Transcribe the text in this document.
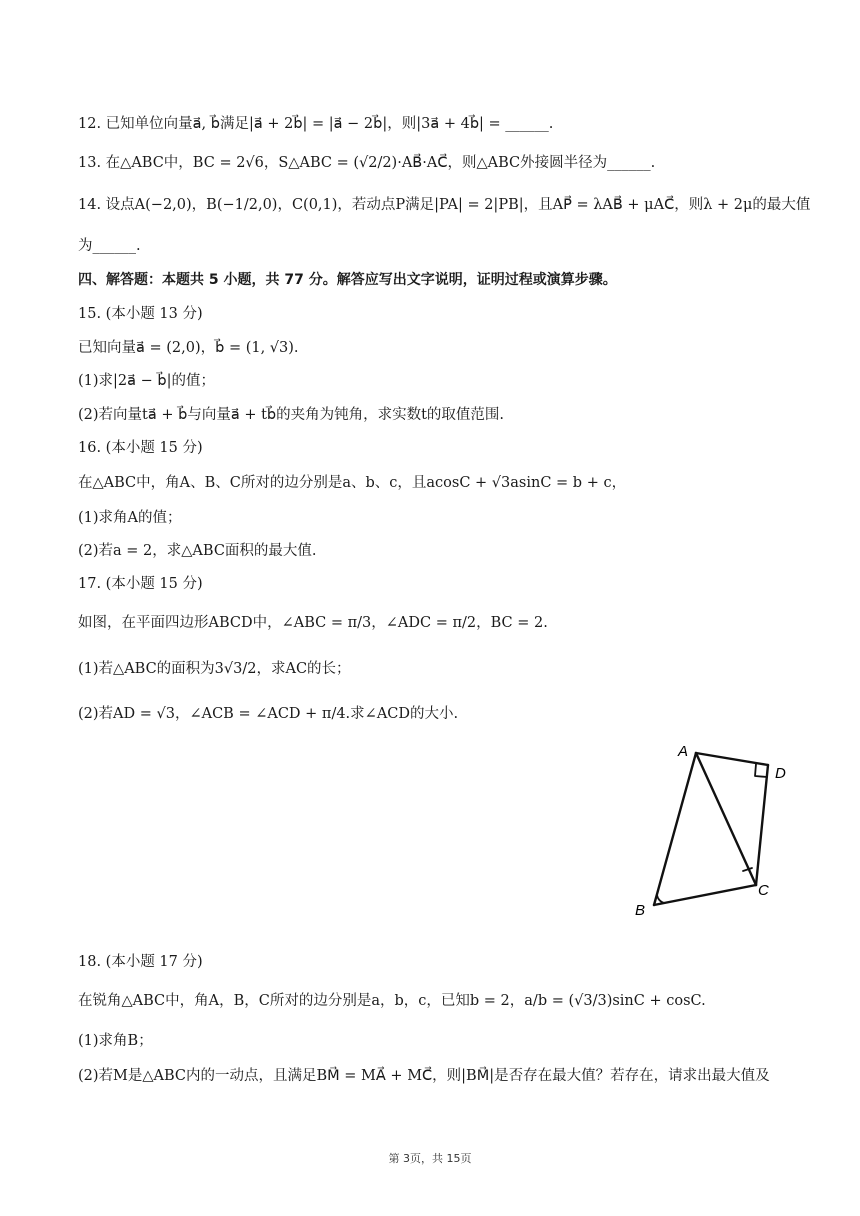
12. 已知单位向量a⃗, b⃗满足|a⃗ + 2b⃗| = |a⃗ − 2b⃗|，则|3a⃗ + 4b⃗| = ______.
13. 在△ABC中，BC = 2√6，S△ABC = (√2/2)·AB⃗·AC⃗，则△ABC外接圆半径为______.
14. 设点A(−2,0)，B(−1/2,0)，C(0,1)，若动点P满足|PA| = 2|PB|，且AP⃗ = λAB⃗ + μAC⃗，则λ + 2μ的最大值
为______.
四、解答题：本题共 5 小题，共 77 分。解答应写出文字说明，证明过程或演算步骤。
15. (本小题 13 分)
已知向量a⃗ = (2,0)，b⃗ = (1, √3).
(1)求|2a⃗ − b⃗|的值；
(2)若向量ta⃗ + b⃗与向量a⃗ + tb⃗的夹角为钝角，求实数t的取值范围.
16. (本小题 15 分)
在△ABC中，角A、B、C所对的边分别是a、b、c，且acosC + √3asinC = b + c，
(1)求角A的值；
(2)若a = 2，求△ABC面积的最大值.
17. (本小题 15 分)
如图，在平面四边形ABCD中，∠ABC = π/3，∠ADC = π/2，BC = 2.
(1)若△ABC的面积为3√3/2，求AC的长；
(2)若AD = √3，∠ACB = ∠ACD + π/4.求∠ACD的大小.
A
D
B
C
18. (本小题 17 分)
在锐角△ABC中，角A，B，C所对的边分别是a，b，c，已知b = 2，a/b = (√3/3)sinC + cosC.
(1)求角B；
(2)若M是△ABC内的一动点，且满足BM⃗ = MA⃗ + MC⃗，则|BM⃗|是否存在最大值？若存在，请求出最大值及
第 3页，共 15页
